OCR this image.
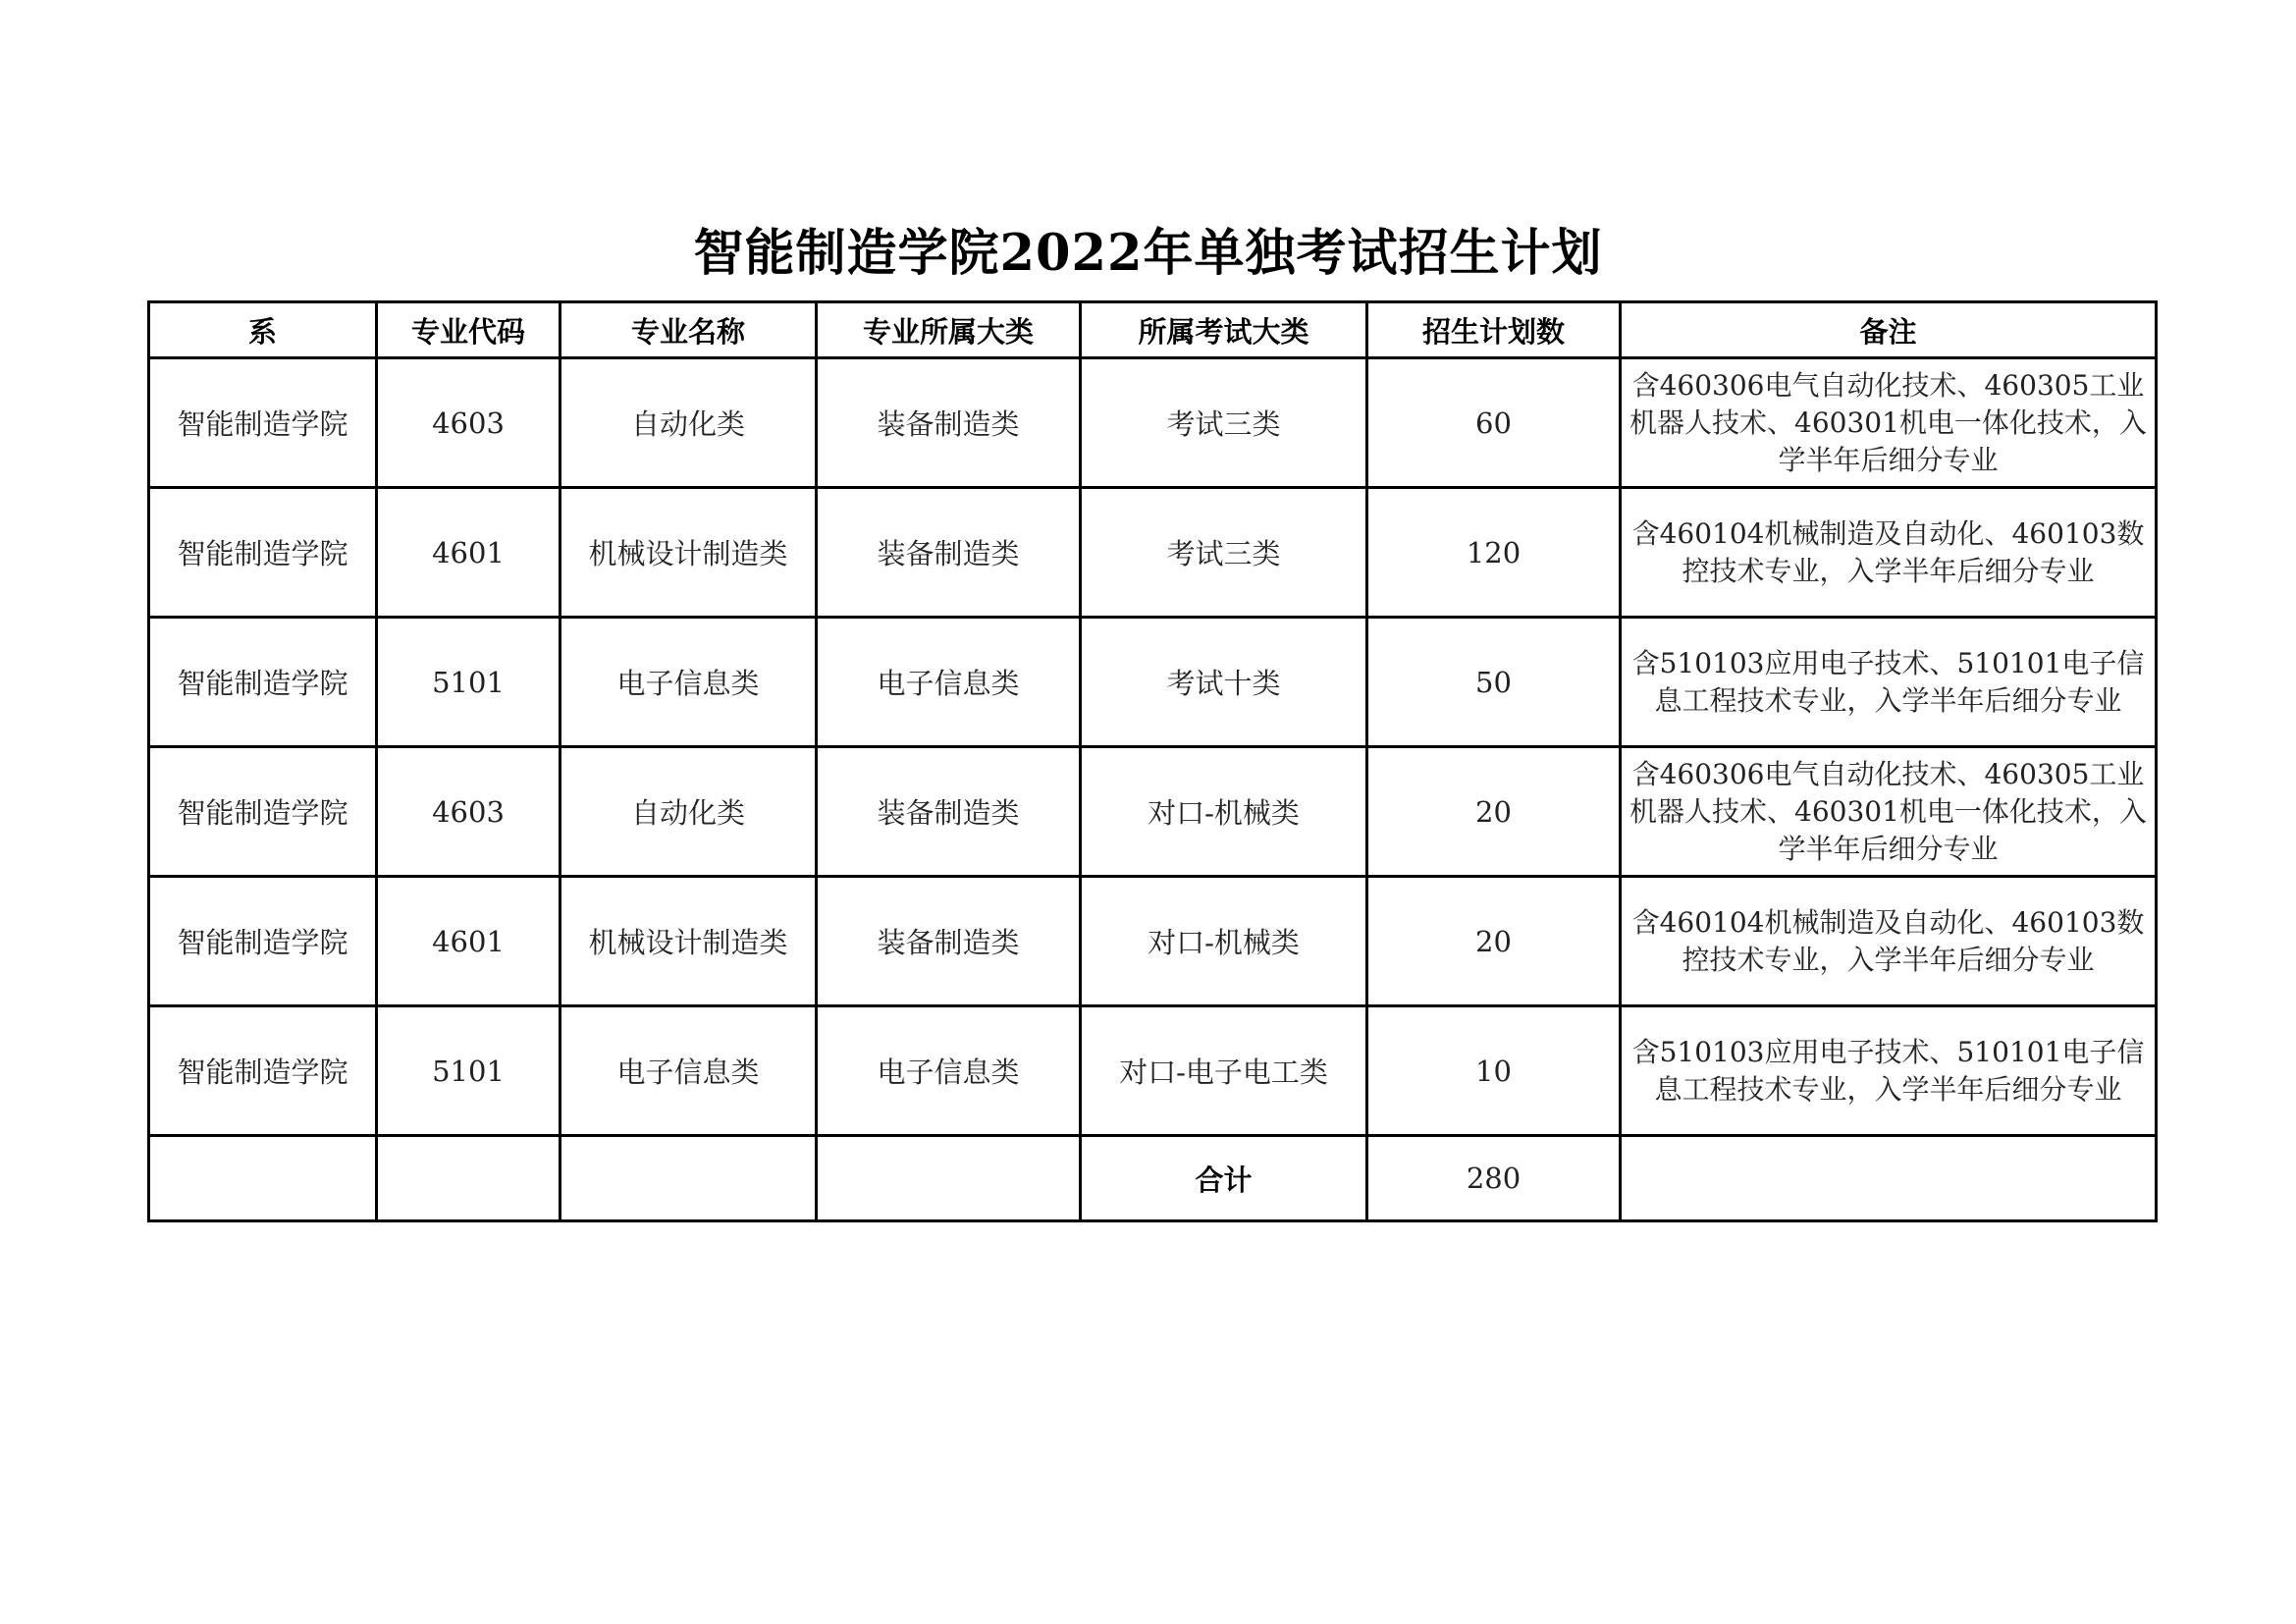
智能制造学院2022年单独考试招生计划
系	专业代码	专业名称	专业所属大类	所属考试大类	招生计划数	备注
智能制造学院	4603	自动化类	装备制造类	考试三类	60	含460306电气自动化技术、460305工业机器人技术、460301机电一体化技术，入学半年后细分专业
智能制造学院	4601	机械设计制造类	装备制造类	考试三类	120	含460104机械制造及自动化、460103数控技术专业，入学半年后细分专业
智能制造学院	5101	电子信息类	电子信息类	考试十类	50	含510103应用电子技术、510101电子信息工程技术专业，入学半年后细分专业
智能制造学院	4603	自动化类	装备制造类	对口-机械类	20	含460306电气自动化技术、460305工业机器人技术、460301机电一体化技术，入学半年后细分专业
智能制造学院	4601	机械设计制造类	装备制造类	对口-机械类	20	含460104机械制造及自动化、460103数控技术专业，入学半年后细分专业
智能制造学院	5101	电子信息类	电子信息类	对口-电子电工类	10	含510103应用电子技术、510101电子信息工程技术专业，入学半年后细分专业
				合计	280	
